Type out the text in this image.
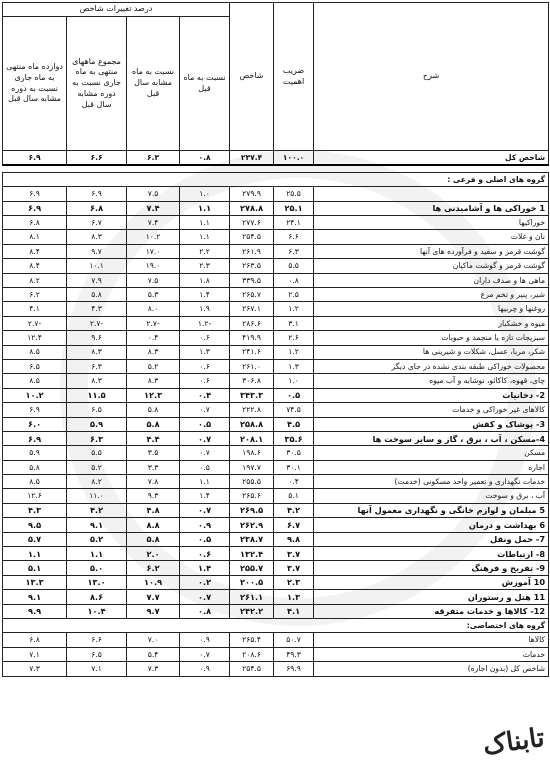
شرح	ضریب اهمیت	شاخص	درصد تغییرات شاخص			
			نسبت به ماه قبل	نسبت به ماه مشابه سال قبل	مجموع ماههای منتهی به ماه جاری نسبت به دوره مشابه سال قبل	دوازده ماه منتهی به ماه جاری نسبت به دوره مشابه سال قبل
شاخص کل	۱۰۰.۰	۲۳۷.۴	۰.۸	۶.۳	۶.۶	۶.۹

گروه های اصلی و فرعی :						
	۲۵.۵	۲۷۹.۹	۱.۰	۷.۵	۶.۹	۶.۹
1 خوراکی ها و آشامیدنی ها	۲۵.۱	۲۷۸.۸	۱.۱	۷.۴	۶.۸	۶.۹
خوراکیها	۲۴.۱	۲۷۷.۶	۱.۱	۷.۴	۶.۷	۶.۸
نان و غلات	۶.۶	۲۵۴.۵	۱.۱	۱۰.۲	۸.۳	۸.۱
گوشت قرمز و سفید و فرآورده های آنها	۶.۳	۲۶۱.۹	۲.۲	۱۷.۰	۹.۷	۸.۴
گوشت قرمز و گوشت ماکیان	۵.۵	۲۶۳.۵	۲.۳	۱۹.۰	۱۰.۱	۸.۴
ماهی ها و صدف داران	۰.۸	۳۳۹.۵	۱.۸	۷.۵	۷.۹	۸.۲
شیر، پنیر و تخم مرغ	۲.۵	۲۶۵.۷	۱.۴	۵.۳	۵.۸	۶.۲
روغنها و چربیها	۱.۲	۲۶۷.۱	۱.۹	۸.۰	۴.۳	۴.۱
میوه و خشکبار	۳.۱	۲۸۶.۶	-۱.۲	-۲.۷	-۲.۷	-۲.۷
سبزیجات تازه یا منجمد و حبوبات	۲.۶	۴۱۹.۹	۰.۶	۰.۴	۹.۶	۱۲.۴
شکر، مربا، عسل، شکلات و شیرینی ها	۱.۲	۲۴۱.۶	۱.۳	۸.۳	۸.۳	۸.۵
محصولات خوراکی طبقه بندی نشده در جای دیگر	۱.۳	۲۶۱.۰	۰.۶	۵.۲	۶.۳	۶.۵
چای، قهوه، کاکائو، نوشابه و آب میوه	۱.۰	۳۰۶.۸	۰.۶	۸.۳	۸.۳	۸.۵
2- دخانیات	۰.۵	۳۴۳.۳	۰.۴	۱۲.۳	۱۱.۵	۱۰.۲
کالاهای غیر خوراکی و خدمات	۷۴.۵	۲۲۲.۸	۰.۷	۵.۸	۶.۵	۶.۹
3- پوشاک و کفش	۴.۵	۲۵۸.۸	۰.۵	۵.۸	۵.۹	۶.۰
4-مسکن ، آب ، برق ، گاز و سایر سوخت ها	۳۵.۶	۲۰۸.۱	۰.۷	۴.۴	۶.۳	۶.۹
مسکن	۳۰.۵	۱۹۸.۶	۰.۷	۳.۵	۵.۵	۵.۹
اجاره	۳۰.۱	۱۹۷.۷	۰.۵	۳.۳	۵.۲	۵.۸
خدمات نگهداری و تعمیر واحد مسکونی (خدمت)	۰.۴	۲۵۵.۵	۱.۱	۷.۸	۸.۲	۸.۵
آب ، برق و سوخت	۵.۱	۲۶۵.۶	۱.۴	۹.۳	۱۱.۰	۱۲.۶
5 مبلمان و لوازم خانگی و نگهداری معمول آنها	۴.۲	۲۶۹.۵	۰.۷	۴.۸	۴.۲	۴.۳
6 بهداشت و درمان	۶.۷	۲۶۲.۹	۰.۹	۸.۸	۹.۱	۹.۵
7- حمل ونقل	۹.۸	۲۳۸.۷	۰.۵	۵.۸	۵.۲	۵.۷
8- ارتباطات	۳.۷	۱۳۲.۴	۰.۶	۲.۰	۱.۱	۱.۱
9- تفریح و فرهنگ	۳.۷	۲۵۵.۷	۱.۴	۶.۲	۵.۰	۵.۱
10 آموزش	۲.۳	۲۰۰.۵	۰.۲	۱۰.۹	۱۳.۰	۱۳.۳
11 هتل و رستوران	۱.۳	۲۶۱.۱	۰.۷	۷.۷	۸.۶	۹.۱
12- کالاها و خدمات متفرقه	۴.۱	۲۴۲.۲	۰.۸	۹.۷	۱۰.۴	۹.۹
گروه های اختصاصی:						
کالاها	۵۰.۷	۲۶۵.۴	۰.۹	۷.۰	۶.۶	۶.۸
خدمات	۴۹.۳	۲۰۸.۶	۰.۷	۵.۴	۶.۵	۷.۱
شاخص کل (بدون اجاره)	۶۹.۹	۲۵۴.۵	۰.۹	۷.۳	۷.۱	۷.۳
تابناک
